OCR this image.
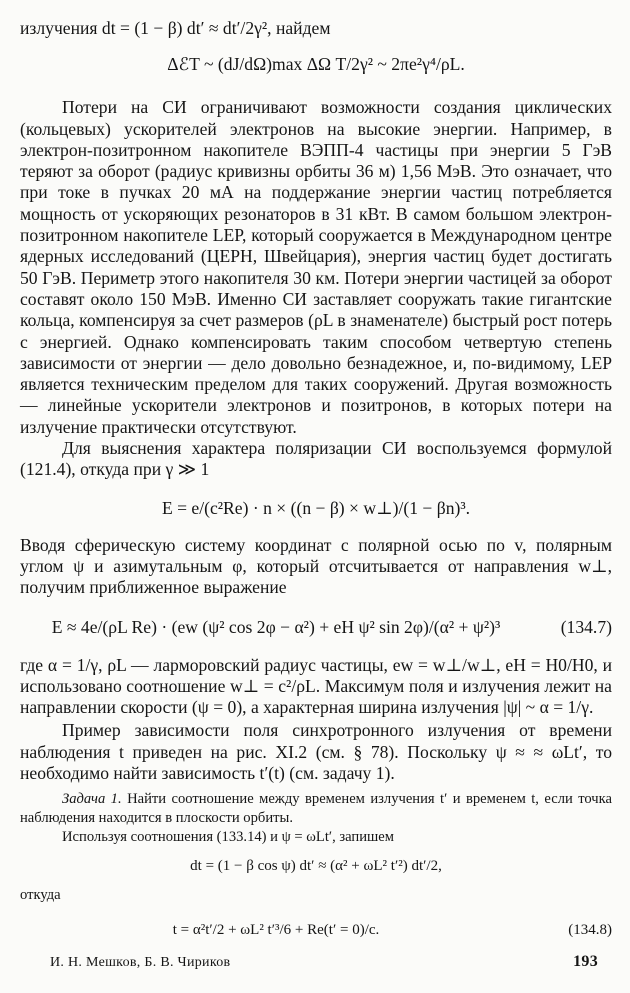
излучения dt = (1 − β) dt′ ≈ dt′/2γ², найдем

ΔℰT ~ (dJ/dΩ)max ΔΩ T/2γ² ~ 2πe²γ⁴/ρL.

Потери на СИ ограничивают возможности создания циклических (кольцевых) ускорителей электронов на высокие энергии. Например, в электрон-позитронном накопителе ВЭПП-4 частицы при энергии 5 ГэВ теряют за оборот (радиус кривизны орбиты 36 м) 1,56 МэВ. Это означает, что при токе в пучках 20 мА на поддержание энергии частиц потребляется мощность от ускоряющих резонаторов в 31 кВт. В самом большом электрон-позитронном накопителе LEP, который сооружается в Международном центре ядерных исследований (ЦЕРН, Швейцария), энергия частиц будет достигать 50 ГэВ. Периметр этого накопителя 30 км. Потери энергии частицей за оборот составят около 150 МэВ. Именно СИ заставляет сооружать такие гигантские кольца, компенсируя за счет размеров (ρL в знаменателе) быстрый рост потерь с энергией. Однако компенсировать таким способом четвертую степень зависимости от энергии — дело довольно безнадежное, и, по-видимому, LEP является техническим пределом для таких сооружений. Другая возможность — линейные ускорители электронов и позитронов, в которых потери на излучение практически отсутствуют.

Для выяснения характера поляризации СИ воспользуемся формулой (121.4), откуда при γ ≫ 1

E = e/(c²Re) · n × ((n − β) × w⊥)/(1 − βn)³.

Вводя сферическую систему координат с полярной осью по v, полярным углом ψ и азимутальным φ, который отсчитывается от направления w⊥, получим приближенное выражение

E ≈ 4e/(ρL Re) · (ew (ψ² cos 2φ − α²) + eH ψ² sin 2φ)/(α² + ψ²)³	(134.7)

где α = 1/γ, ρL — ларморовский радиус частицы, ew = w⊥/w⊥, eH = H0/H0, и использовано соотношение w⊥ = c²/ρL. Максимум поля и излучения лежит на направлении скорости (ψ = 0), а характерная ширина излучения |ψ| ~ α = 1/γ.

Пример зависимости поля синхротронного излучения от времени наблюдения t приведен на рис. XI.2 (см. § 78). Поскольку ψ ≈ ≈ ωLt′, то необходимо найти зависимость t′(t) (см. задачу 1).

Задача 1. Найти соотношение между временем излучения t′ и временем t, если точка наблюдения находится в плоскости орбиты.

Используя соотношения (133.14) и ψ = ωLt′, запишем

dt = (1 − β cos ψ) dt′ ≈ (α² + ωL² t′²) dt′/2,

откуда

t = α²t′/2 + ωL² t′³/6 + Re(t′ = 0)/c.	(134.8)
И. Н. Мешков, Б. В. Чириков	193
